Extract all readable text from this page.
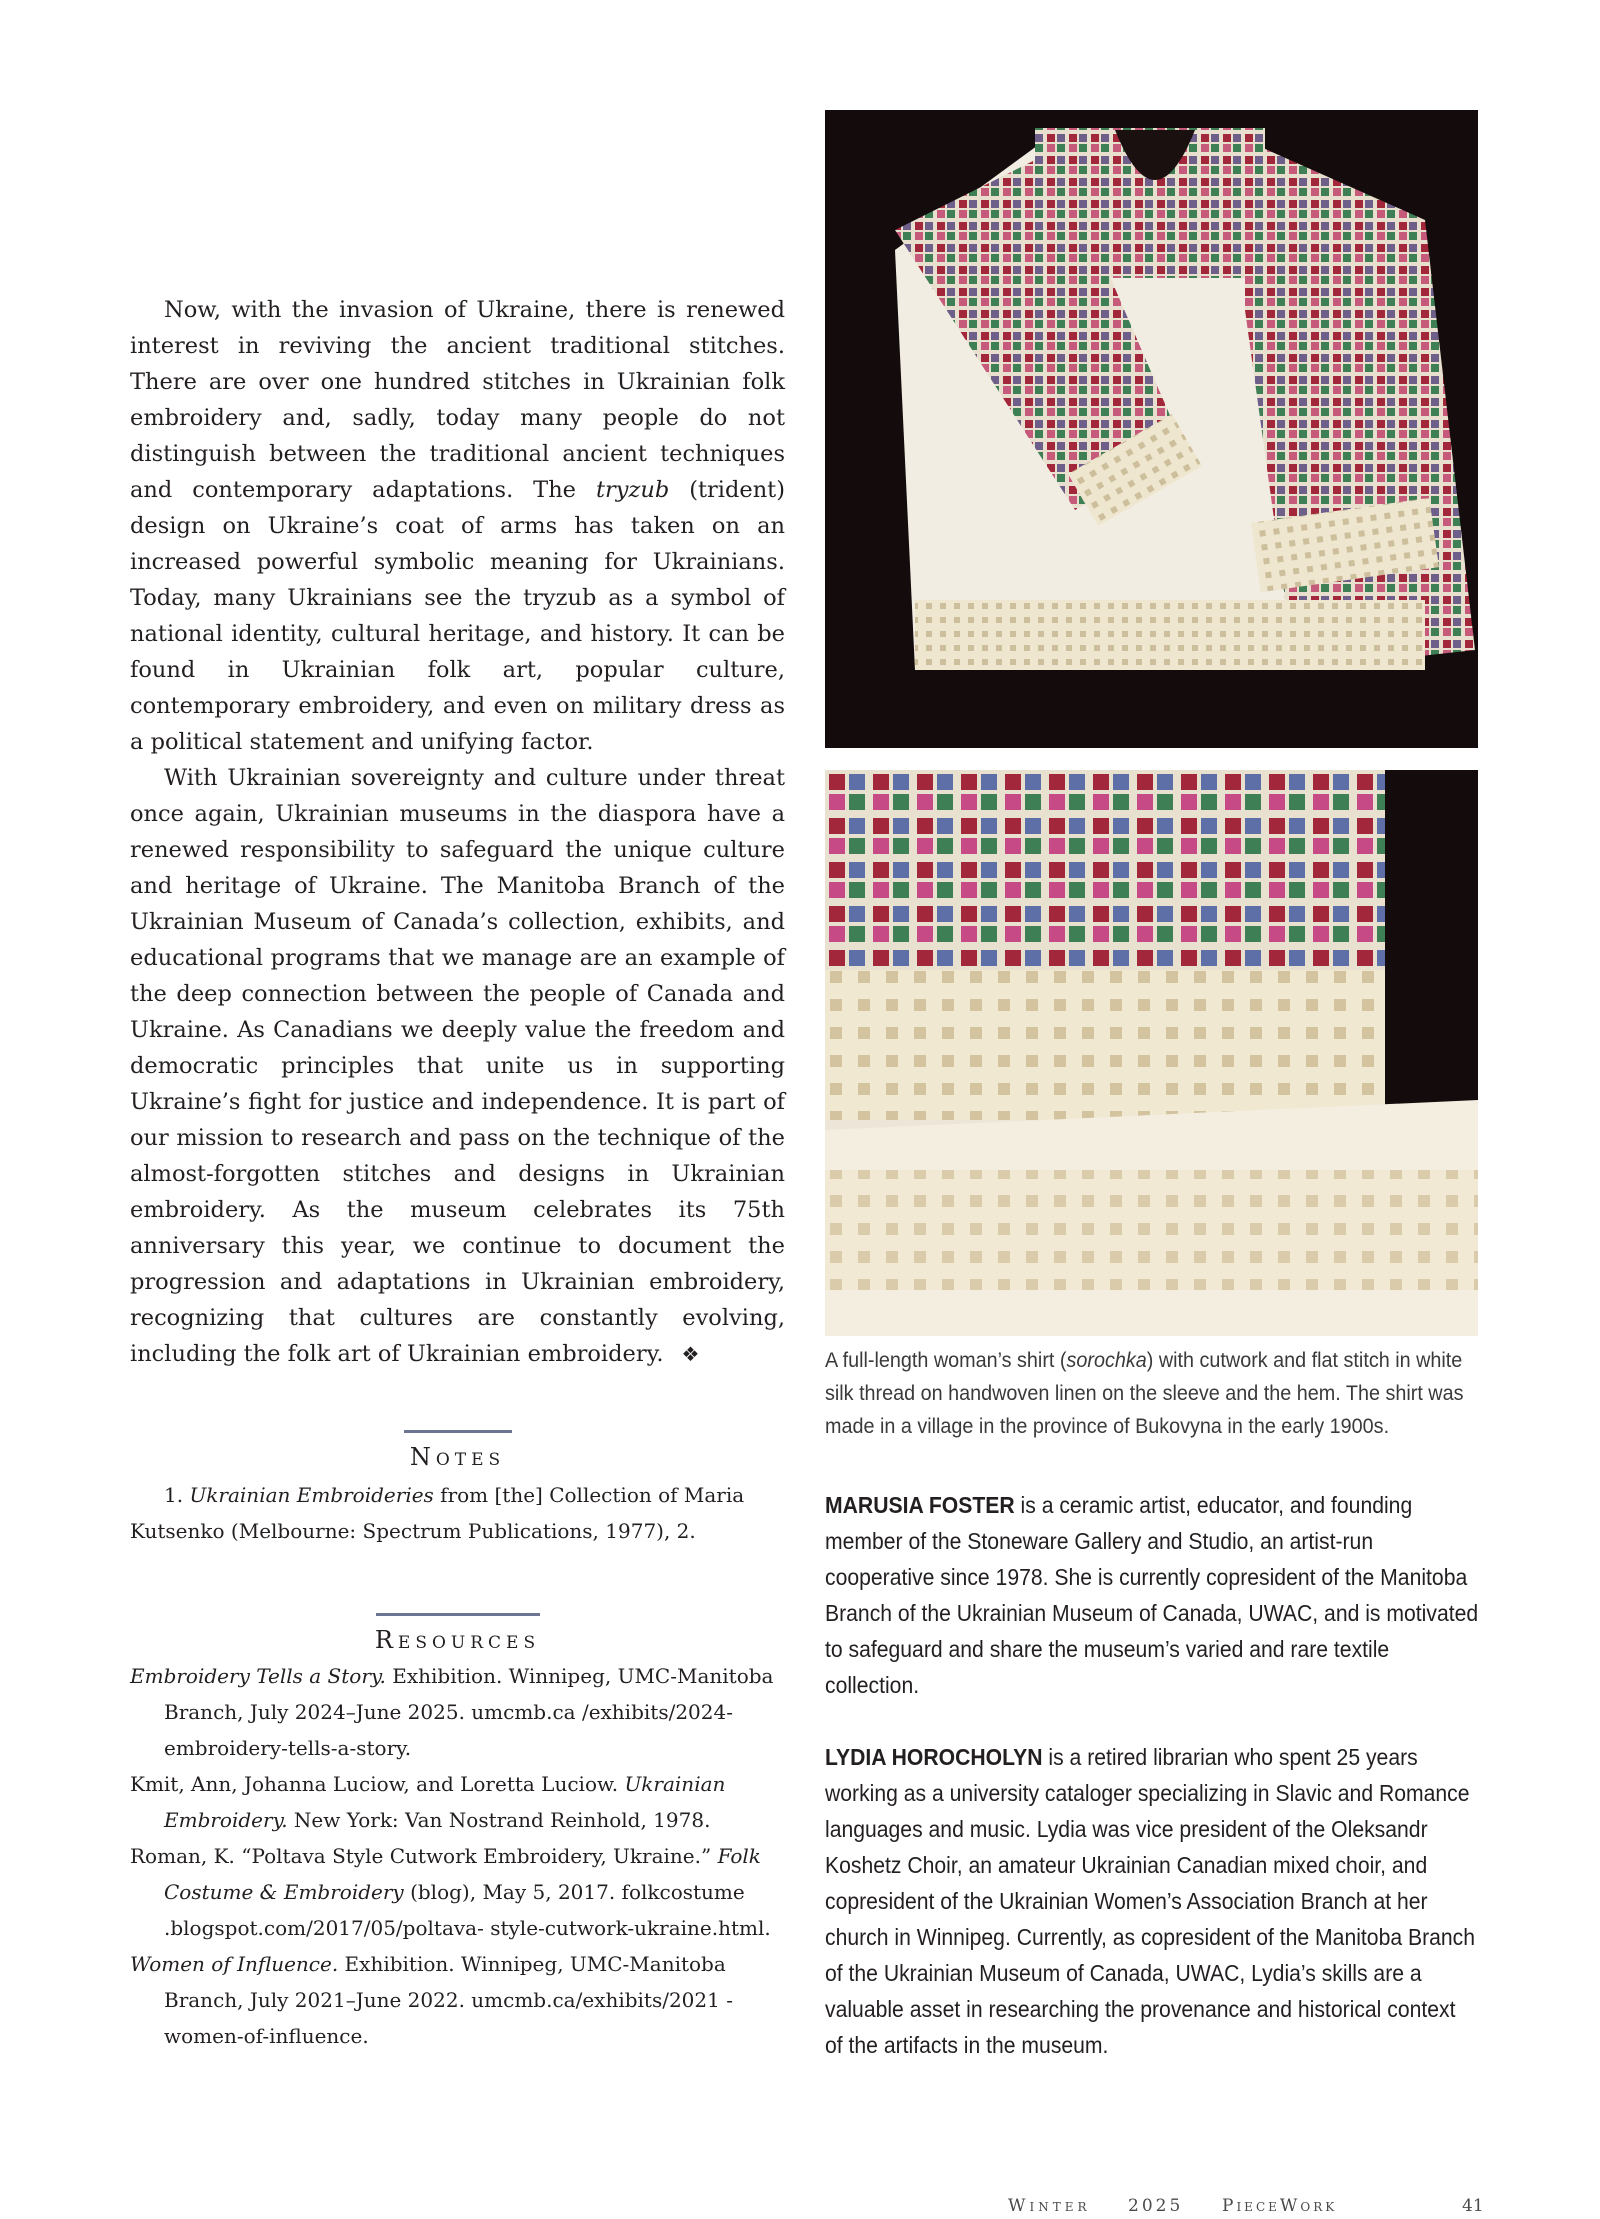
Now, with the invasion of Ukraine, there is renewed interest in reviving the ancient traditional stitches. There are over one hundred stitches in Ukrainian folk embroidery and, sadly, today many people do not distinguish between the traditional ancient techniques and contemporary adaptations. The tryzub (trident) design on Ukraine’s coat of arms has taken on an increased powerful symbolic meaning for Ukrainians. Today, many Ukrainians see the tryzub as a symbol of national identity, cultural heritage, and history. It can be found in Ukrainian folk art, popular culture, contemporary embroidery, and even on military dress as a political statement and unifying factor.

With Ukrainian sovereignty and culture under threat once again, Ukrainian museums in the diaspora have a renewed responsibility to safeguard the unique culture and heritage of Ukraine. The Manitoba Branch of the Ukrainian Museum of Canada’s collection, exhibits, and educational programs that we manage are an example of the deep connection between the people of Canada and Ukraine. As Canadians we deeply value the freedom and democratic principles that unite us in supporting Ukraine’s fight for justice and independence. It is part of our mission to research and pass on the technique of the almost-forgotten stitches and designs in Ukrainian embroidery. As the museum celebrates its 75th anniversary this year, we continue to document the progression and adaptations in Ukrainian embroidery, recognizing that cultures are constantly evolving, including the folk art of Ukrainian embroidery. ❖

Notes

1. Ukrainian Embroideries from [the] Collection of Maria Kutsenko (Melbourne: Spectrum Publications, 1977), 2.

Resources
Embroidery Tells a Story. Exhibition. Winnipeg, UMC-Manitoba Branch, July 2024–June 2025. umcmb.ca /exhibits/2024-embroidery-tells-a-story.
Kmit, Ann, Johanna Luciow, and Loretta Luciow. Ukrainian Embroidery. New York: Van Nostrand Reinhold, 1978.
Roman, K. “Poltava Style Cutwork Embroidery, Ukraine.” Folk Costume & Embroidery (blog), May 5, 2017. folkcostume .blogspot.com/2017/05/poltava- style-cutwork-ukraine.html.
Women of Influence. Exhibition. Winnipeg, UMC-Manitoba Branch, July 2021–June 2022. umcmb.ca/exhibits/2021 -women-of-influence.
A full-length woman’s shirt (sorochka) with cutwork and flat stitch in white silk thread on handwoven linen on the sleeve and the hem. The shirt was made in a village in the province of Bukovyna in the early 1900s.
MARUSIA FOSTER is a ceramic artist, educator, and founding member of the Stoneware Gallery and Studio, an artist-run cooperative since 1978. She is currently copresident of the Manitoba Branch of the Ukrainian Museum of Canada, UWAC, and is motivated to safeguard and share the museum’s varied and rare textile collection.
LYDIA HOROCHOLYN is a retired librarian who spent 25 years working as a university cataloger specializing in Slavic and Romance languages and music. Lydia was vice president of the Oleksandr Koshetz Choir, an amateur Ukrainian Canadian mixed choir, and copresident of the Ukrainian Women’s Association Branch at her church in Winnipeg. Currently, as copresident of the Manitoba Branch of the Ukrainian Museum of Canada, UWAC, Lydia’s skills are a valuable asset in researching the provenance and historical context of the artifacts in the museum.
Winter 2025 PieceWork	41
